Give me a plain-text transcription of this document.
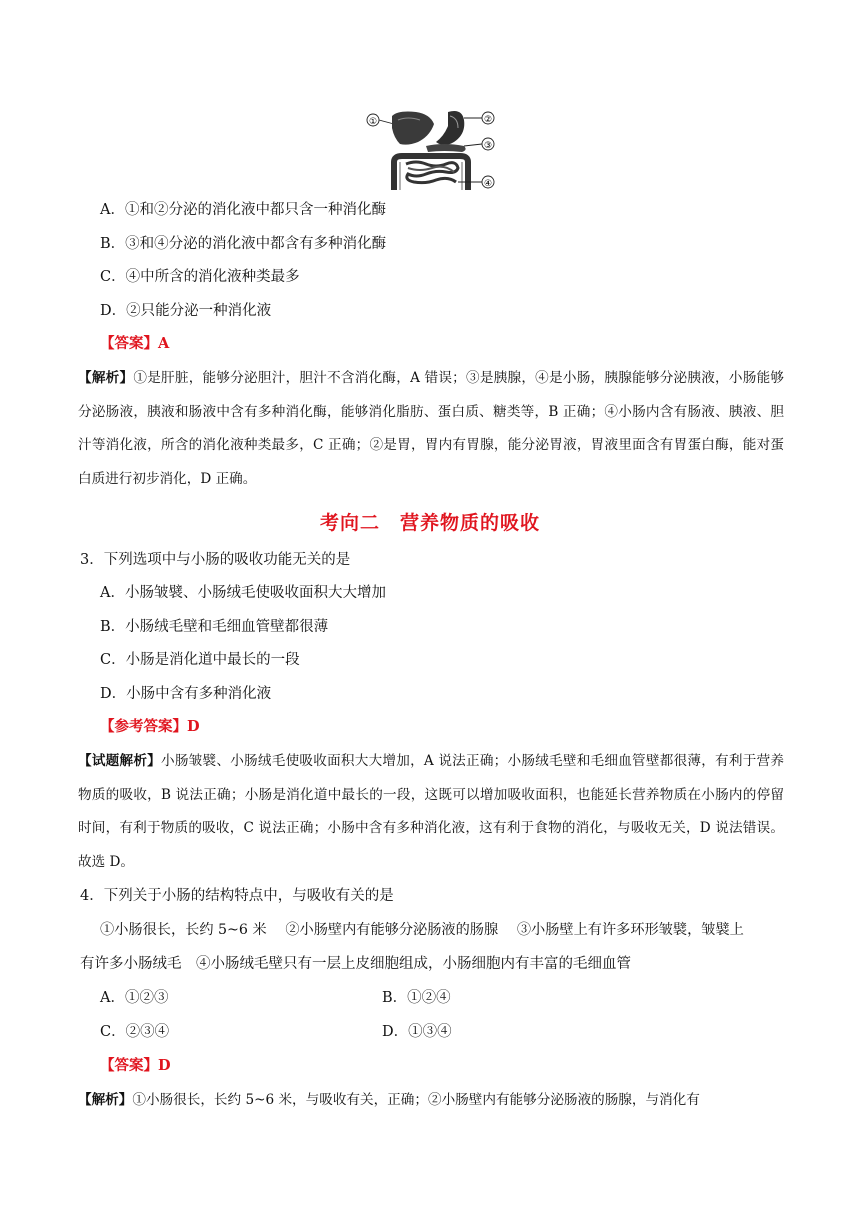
①	②
③
④
A．①和②分泌的消化液中都只含一种消化酶
B．③和④分泌的消化液中都含有多种消化酶
C．④中所含的消化液种类最多
D．②只能分泌一种消化液
【答案】A
【解析】①是肝脏，能够分泌胆汁，胆汁不含消化酶，A 错误；③是胰腺，④是小肠，胰腺能够分泌胰液，小肠能够分泌肠液，胰液和肠液中含有多种消化酶，能够消化脂肪、蛋白质、糖类等，B 正确；④小肠内含有肠液、胰液、胆汁等消化液，所含的消化液种类最多，C 正确；②是胃，胃内有胃腺，能分泌胃液，胃液里面含有胃蛋白酶，能对蛋白质进行初步消化，D 正确。
考向二　营养物质的吸收
3．下列选项中与小肠的吸收功能无关的是
A．小肠皱襞、小肠绒毛使吸收面积大大增加
B．小肠绒毛壁和毛细血管壁都很薄
C．小肠是消化道中最长的一段
D．小肠中含有多种消化液
【参考答案】D
【试题解析】小肠皱襞、小肠绒毛使吸收面积大大增加，A 说法正确；小肠绒毛壁和毛细血管壁都很薄，有利于营养物质的吸收，B 说法正确；小肠是消化道中最长的一段，这既可以增加吸收面积，也能延长营养物质在小肠内的停留时间，有利于物质的吸收，C 说法正确；小肠中含有多种消化液，这有利于食物的消化，与吸收无关，D 说法错误。故选 D。
4．下列关于小肠的结构特点中，与吸收有关的是
①小肠很长，长约 5~6 米　 ②小肠壁内有能够分泌肠液的肠腺　 ③小肠壁上有许多环形皱襞，皱襞上
有许多小肠绒毛　④小肠绒毛壁只有一层上皮细胞组成，小肠细胞内有丰富的毛细血管
A．①②③	B．①②④
C．②③④	D．①③④
【答案】D
【解析】①小肠很长，长约 5~6 米，与吸收有关，正确；②小肠壁内有能够分泌肠液的肠腺，与消化有
